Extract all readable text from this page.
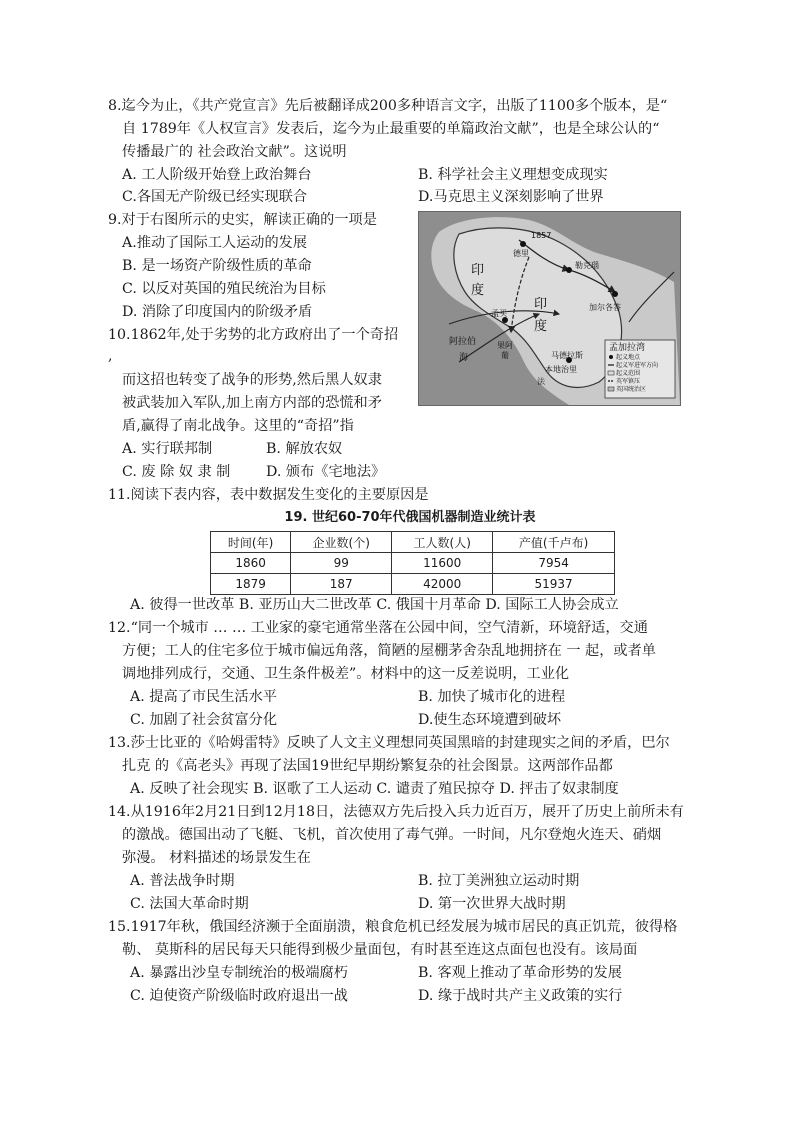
8.迄今为止，《共产党宣言》先后被翻译成200多种语言文字，出版了1100多个版本，是“
自 1789年《人权宣言》发表后，迄今为止最重要的单篇政治文献”，也是全球公认的“
传播最广的 社会政治文献”。这说明
A. 工人阶级开始登上政治舞台	B. 科学社会主义理想变成现实
C.各国无产阶级已经实现联合	D.马克思主义深刻影响了世界
9.对于右图所示的史实，解读正确的一项是
A.推动了国际工人运动的发展
B. 是一场资产阶级性质的革命
C. 以反对英国的殖民统治为目标
D. 消除了印度国内的阶级矛盾
印
度
印
度
1857
德里
勒克瑙
加尔各答
阿拉伯
海
孟买
果阿
葡	马德拉斯
本地治里
法
孟加拉湾
起义地点
起义军进军方向
起义范围
英军镇压
英国统治区
10.1862年,处于劣势的北方政府出了一个奇招
,
而这招也转变了战争的形势,然后黑人奴隶
被武装加入军队,加上南方内部的恐慌和矛
盾,赢得了南北战争。这里的“奇招”指
A. 实行联邦制	B. 解放农奴
C. 废 除 奴 隶 制	D. 颁布《宅地法》
11.阅读下表内容，表中数据发生变化的主要原因是
19. 世纪60-70年代俄国机器制造业统计表
时间(年)	企业数(个)	工人数(人)	产值(千卢布)
1860	99	11600	7954
1879	187	42000	51937
A. 彼得一世改革 B. 亚历山大二世改革 C. 俄国十月革命 D. 国际工人协会成立
12.“同一个城市 … … 工业家的豪宅通常坐落在公园中间，空气清新，环境舒适，交通
方便；工人的住宅多位于城市偏远角落，简陋的屋棚茅舍杂乱地拥挤在 一 起，或者单
调地排列成行，交通、卫生条件极差”。材料中的这一反差说明，工业化
A. 提高了市民生活水平	B. 加快了城市化的进程
C. 加剧了社会贫富分化	D.使生态环境遭到破坏
13.莎士比亚的《哈姆雷特》反映了人文主义理想同英国黑暗的封建现实之间的矛盾，巴尔
扎克 的《高老头》再现了法国19世纪早期纷繁复杂的社会图景。这两部作品都
A. 反映了社会现实 B. 讴歌了工人运动 C. 谴责了殖民掠夺 D. 抨击了奴隶制度
14.从1916年2月21日到12月18日，法德双方先后投入兵力近百万，展开了历史上前所未有
的激战。德国出动了飞艇、飞机，首次使用了毒气弹。一时间，凡尔登炮火连天、硝烟
弥漫。 材料描述的场景发生在
A. 普法战争时期	B. 拉丁美洲独立运动时期
C. 法国大革命时期	D. 第一次世界大战时期
15.1917年秋，俄国经济濒于全面崩溃，粮食危机已经发展为城市居民的真正饥荒，彼得格
勒、 莫斯科的居民每天只能得到极少量面包，有时甚至连这点面包也没有。该局面
A. 暴露出沙皇专制统治的极端腐朽	B. 客观上推动了革命形势的发展
C. 迫使资产阶级临时政府退出一战	D. 缘于战时共产主义政策的实行
